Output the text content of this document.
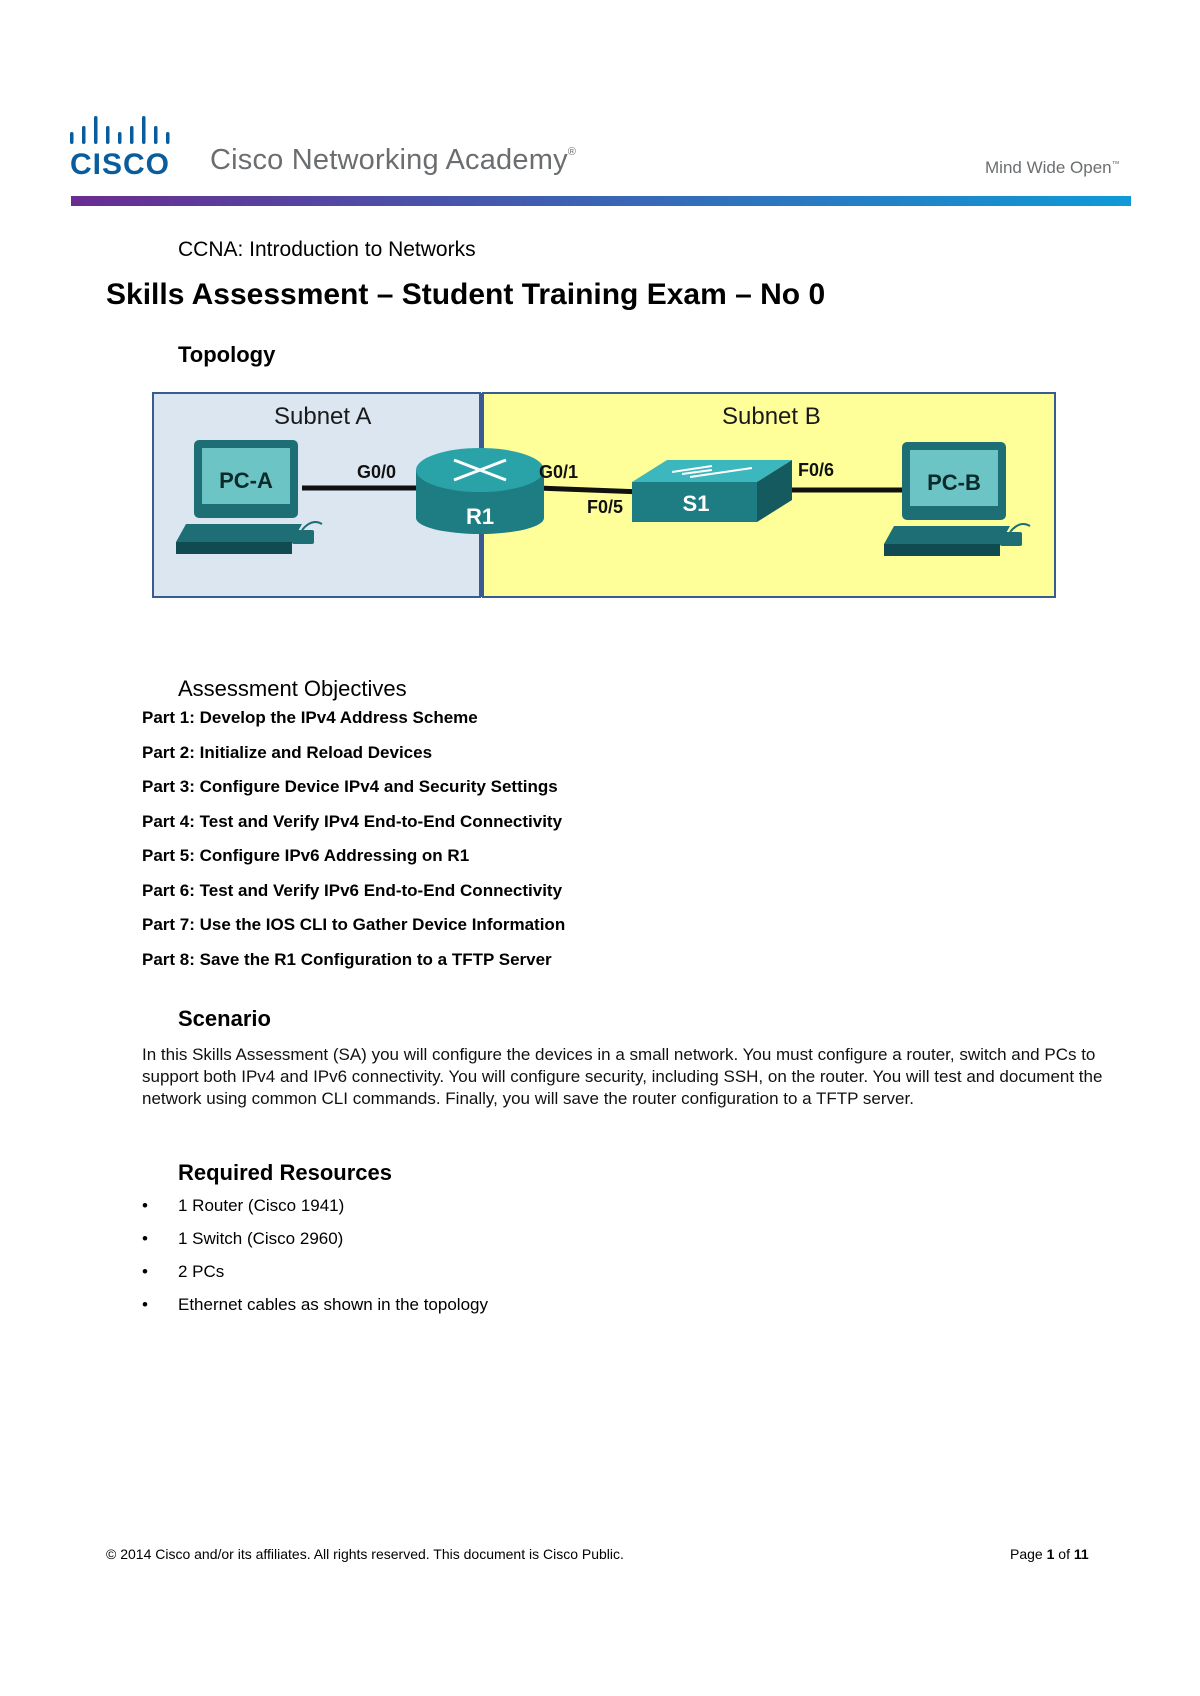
CISCO Cisco Networking Academy®
Mind Wide Open™
CCNA: Introduction to Networks
Skills Assessment – Student Training Exam – No 0
Topology
Subnet A	Subnet B
PC-A
R1
S1
PC-B
G0/0	G0/1
F0/5
F0/6
Assessment Objectives
Part 1: Develop the IPv4 Address Scheme
Part 2: Initialize and Reload Devices
Part 3: Configure Device IPv4 and Security Settings
Part 4: Test and Verify IPv4 End-to-End Connectivity
Part 5: Configure IPv6 Addressing on R1
Part 6: Test and Verify IPv6 End-to-End Connectivity
Part 7: Use the IOS CLI to Gather Device Information
Part 8: Save the R1 Configuration to a TFTP Server
Scenario
In this Skills Assessment (SA) you will configure the devices in a small network. You must configure a router, switch and PCs to support both IPv4 and IPv6 connectivity. You will configure security, including SSH, on the router. You will test and document the network using common CLI commands. Finally, you will save the router configuration to a TFTP server.
Required Resources
• 1 Router (Cisco 1941)
• 1 Switch (Cisco 2960)
• 2 PCs
• Ethernet cables as shown in the topology
© 2014 Cisco and/or its affiliates. All rights reserved. This document is Cisco Public.	Page 1 of 11
